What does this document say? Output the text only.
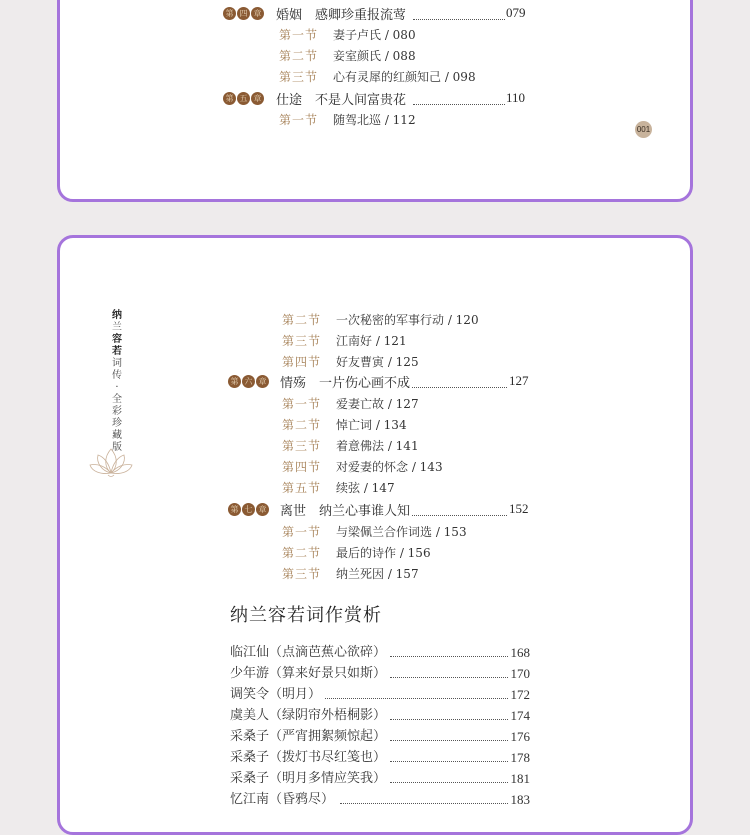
第 四 章 婚姻　感卿珍重报流莺	079
第一节 妻子卢氏 / 080
第二节 妾室颜氏 / 088
第三节 心有灵犀的红颜知己 / 098
第 五 章 仕途　不是人间富贵花	110
第一节 随驾北巡 / 112
001
纳
兰
容
若
词
传
·
全
彩
珍
藏
版
第二节 一次秘密的军事行动 / 120
第三节 江南好 / 121
第四节 好友曹寅 / 125
第 六 章 情殇　一片伤心画不成	127
第一节 爱妻亡故 / 127
第二节 悼亡词 / 134
第三节 着意佛法 / 141
第四节 对爱妻的怀念 / 143
第五节 续弦 / 147
第 七 章 离世　纳兰心事谁人知	152
第一节 与梁佩兰合作词选 / 153
第二节 最后的诗作 / 156
第三节 纳兰死因 / 157
纳兰容若词作赏析
临江仙（点滴芭蕉心欲碎）	168
少年游（算来好景只如斯）	170
调笑令（明月）	172
虞美人（绿阴帘外梧桐影）	174
采桑子（严宵拥絮频惊起）	176
采桑子（拨灯书尽红笺也）	178
采桑子（明月多情应笑我）	181
忆江南（昏鸦尽）	183
